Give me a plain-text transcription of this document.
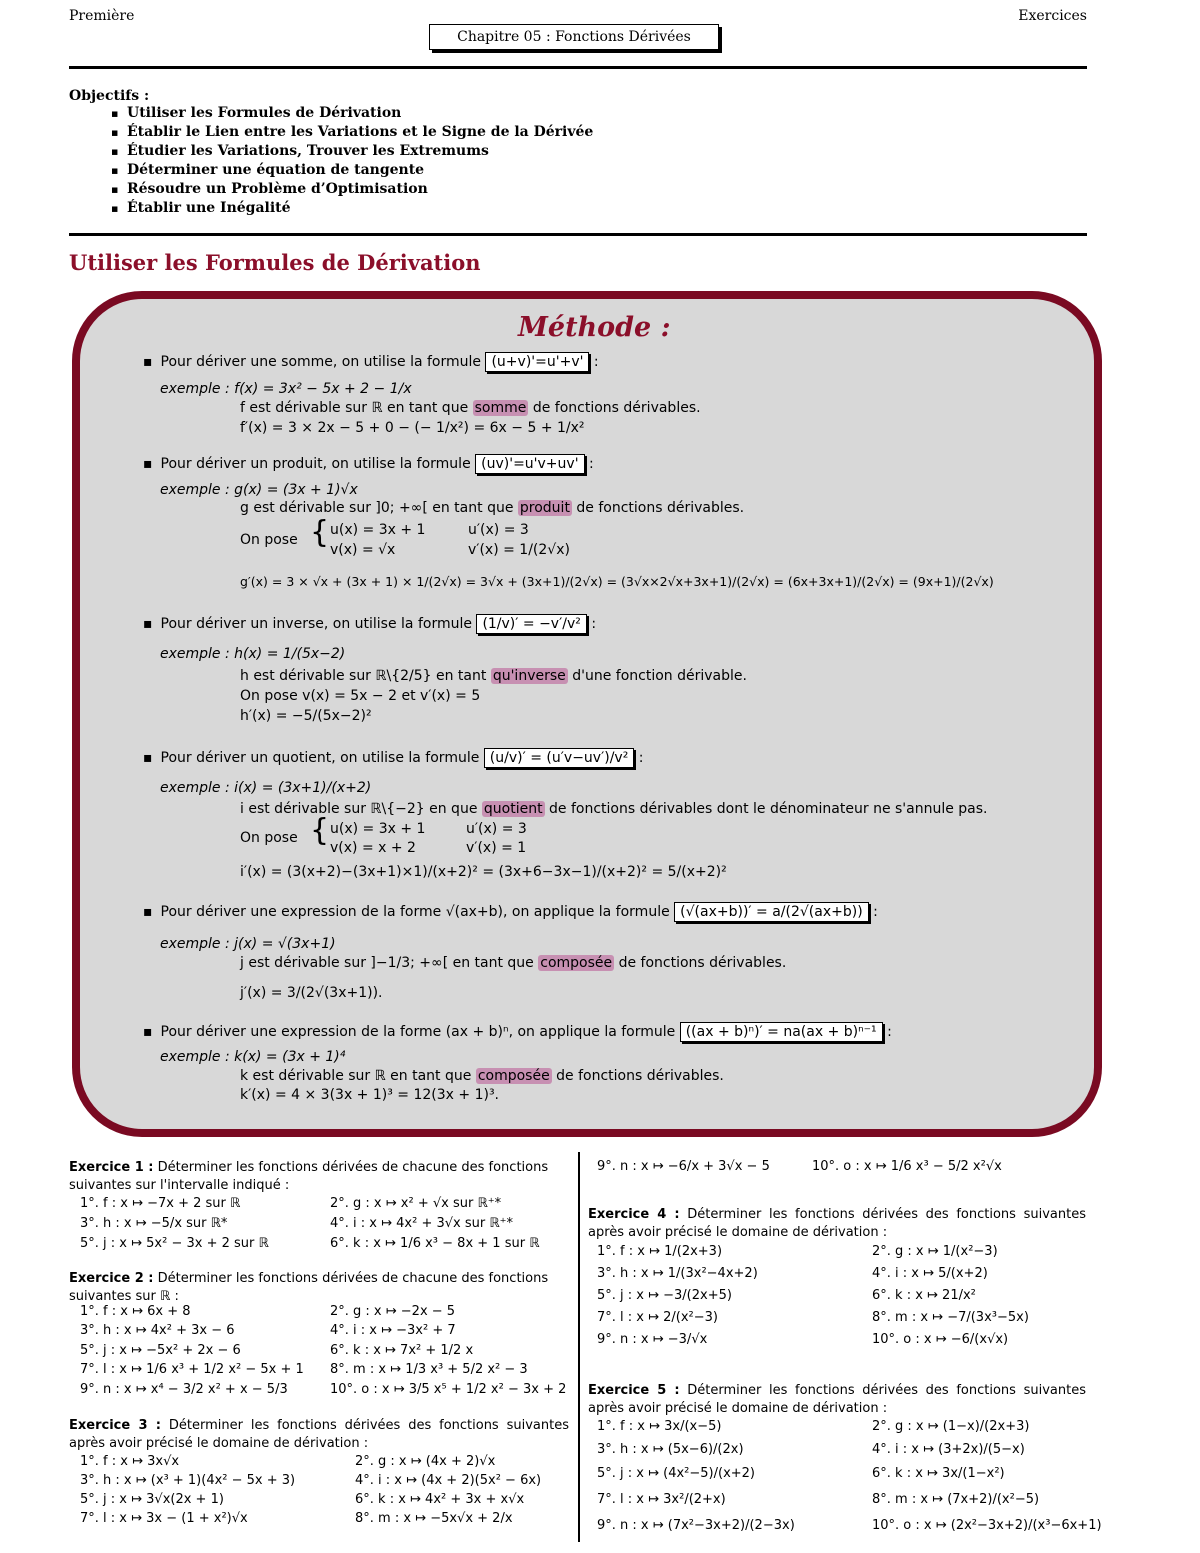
Première	Exercices
Chapitre 05 : Fonctions Dérivées
Objectifs :
▪ Utiliser les Formules de Dérivation
▪ Établir le Lien entre les Variations et le Signe de la Dérivée
▪ Étudier les Variations, Trouver les Extremums
▪ Déterminer une équation de tangente
▪ Résoudre un Problème d’Optimisation
▪ Établir une Inégalité
Utiliser les Formules de Dérivation
Méthode :
▪ Pour dériver une somme, on utilise la formule (u+v)'=u'+v' :
exemple : f(x) = 3x² − 5x + 2 − 1/x
f est dérivable sur ℝ en tant que somme de fonctions dérivables.
f′(x) = 3 × 2x − 5 + 0 − (− 1/x²) = 6x − 5 + 1/x²
▪ Pour dériver un produit, on utilise la formule (uv)'=u'v+uv' :
exemple : g(x) = (3x + 1)√x
g est dérivable sur ]0; +∞[ en tant que produit de fonctions dérivables.
On pose { u(x) = 3x + 1	u′(x) = 3
v(x) = √x	v′(x) = 1/(2√x)
g′(x) = 3 × √x + (3x + 1) × 1/(2√x) = 3√x + (3x+1)/(2√x) = (3√x×2√x+3x+1)/(2√x) = (6x+3x+1)/(2√x) = (9x+1)/(2√x)
▪ Pour dériver un inverse, on utilise la formule (1/v)′ = −v′/v² :
exemple : h(x) = 1/(5x−2)
h est dérivable sur ℝ\{2/5} en tant qu'inverse d'une fonction dérivable.
On pose v(x) = 5x − 2 et v′(x) = 5
h′(x) = −5/(5x−2)²
▪ Pour dériver un quotient, on utilise la formule (u/v)′ = (u′v−uv′)/v² :
exemple : i(x) = (3x+1)/(x+2)
i est dérivable sur ℝ\{−2} en que quotient de fonctions dérivables dont le dénominateur ne s'annule pas.
On pose { u(x) = 3x + 1	u′(x) = 3
v(x) = x + 2	v′(x) = 1
i′(x) = (3(x+2)−(3x+1)×1)/(x+2)² = (3x+6−3x−1)/(x+2)² = 5/(x+2)²
▪ Pour dériver une expression de la forme √(ax+b), on applique la formule (√(ax+b))′ = a/(2√(ax+b)) :
exemple : j(x) = √(3x+1)
j est dérivable sur ]−1/3; +∞[ en tant que composée de fonctions dérivables.
j′(x) = 3/(2√(3x+1)).
▪ Pour dériver une expression de la forme (ax + b)ⁿ, on applique la formule ((ax + b)ⁿ)′ = na(ax + b)ⁿ⁻¹ :
exemple : k(x) = (3x + 1)⁴
k est dérivable sur ℝ en tant que composée de fonctions dérivables.
k′(x) = 4 × 3(3x + 1)³ = 12(3x + 1)³.
Exercice 1 : Déterminer les fonctions dérivées de chacune des fonctions suivantes sur l'intervalle indiqué :
1°. f : x ↦ −7x + 2 sur ℝ	2°. g : x ↦ x² + √x sur ℝ⁺*
3°. h : x ↦ −5/x sur ℝ*	4°. i : x ↦ 4x² + 3√x sur ℝ⁺*
5°. j : x ↦ 5x² − 3x + 2 sur ℝ	6°. k : x ↦ 1/6 x³ − 8x + 1 sur ℝ
Exercice 2 : Déterminer les fonctions dérivées de chacune des fonctions suivantes sur ℝ :
1°. f : x ↦ 6x + 8	2°. g : x ↦ −2x − 5
3°. h : x ↦ 4x² + 3x − 6	4°. i : x ↦ −3x² + 7
5°. j : x ↦ −5x² + 2x − 6	6°. k : x ↦ 7x² + 1/2 x
7°. l : x ↦ 1/6 x³ + 1/2 x² − 5x + 1 8°. m : x ↦ 1/3 x³ + 5/2 x² − 3
9°. n : x ↦ x⁴ − 3/2 x² + x − 5/3	10°. o : x ↦ 3/5 x⁵ + 1/2 x² − 3x + 2
Exercice 3 : Déterminer les fonctions dérivées des fonctions suivantes après avoir précisé le domaine de dérivation :
1°. f : x ↦ 3x√x	2°. g : x ↦ (4x + 2)√x
3°. h : x ↦ (x³ + 1)(4x² − 5x + 3)	4°. i : x ↦ (4x + 2)(5x² − 6x)
5°. j : x ↦ 3√x(2x + 1)	6°. k : x ↦ 4x² + 3x + x√x
7°. l : x ↦ 3x − (1 + x²)√x	8°. m : x ↦ −5x√x + 2/x
9°. n : x ↦ −6/x + 3√x − 5	10°. o : x ↦ 1/6 x³ − 5/2 x²√x
Exercice 4 : Déterminer les fonctions dérivées des fonctions suivantes après avoir précisé le domaine de dérivation :
1°. f : x ↦ 1/(2x+3)	2°. g : x ↦ 1/(x²−3)
3°. h : x ↦ 1/(3x²−4x+2)	4°. i : x ↦ 5/(x+2)
5°. j : x ↦ −3/(2x+5)	6°. k : x ↦ 21/x²
7°. l : x ↦ 2/(x²−3)	8°. m : x ↦ −7/(3x³−5x)
9°. n : x ↦ −3/√x	10°. o : x ↦ −6/(x√x)
Exercice 5 : Déterminer les fonctions dérivées des fonctions suivantes après avoir précisé le domaine de dérivation :
1°. f : x ↦ 3x/(x−5)	2°. g : x ↦ (1−x)/(2x+3)
3°. h : x ↦ (5x−6)/(2x)	4°. i : x ↦ (3+2x)/(5−x)
5°. j : x ↦ (4x²−5)/(x+2)	6°. k : x ↦ 3x/(1−x²)
7°. l : x ↦ 3x²/(2+x)	8°. m : x ↦ (7x+2)/(x²−5)
9°. n : x ↦ (7x²−3x+2)/(2−3x)	10°. o : x ↦ (2x²−3x+2)/(x³−6x+1)
